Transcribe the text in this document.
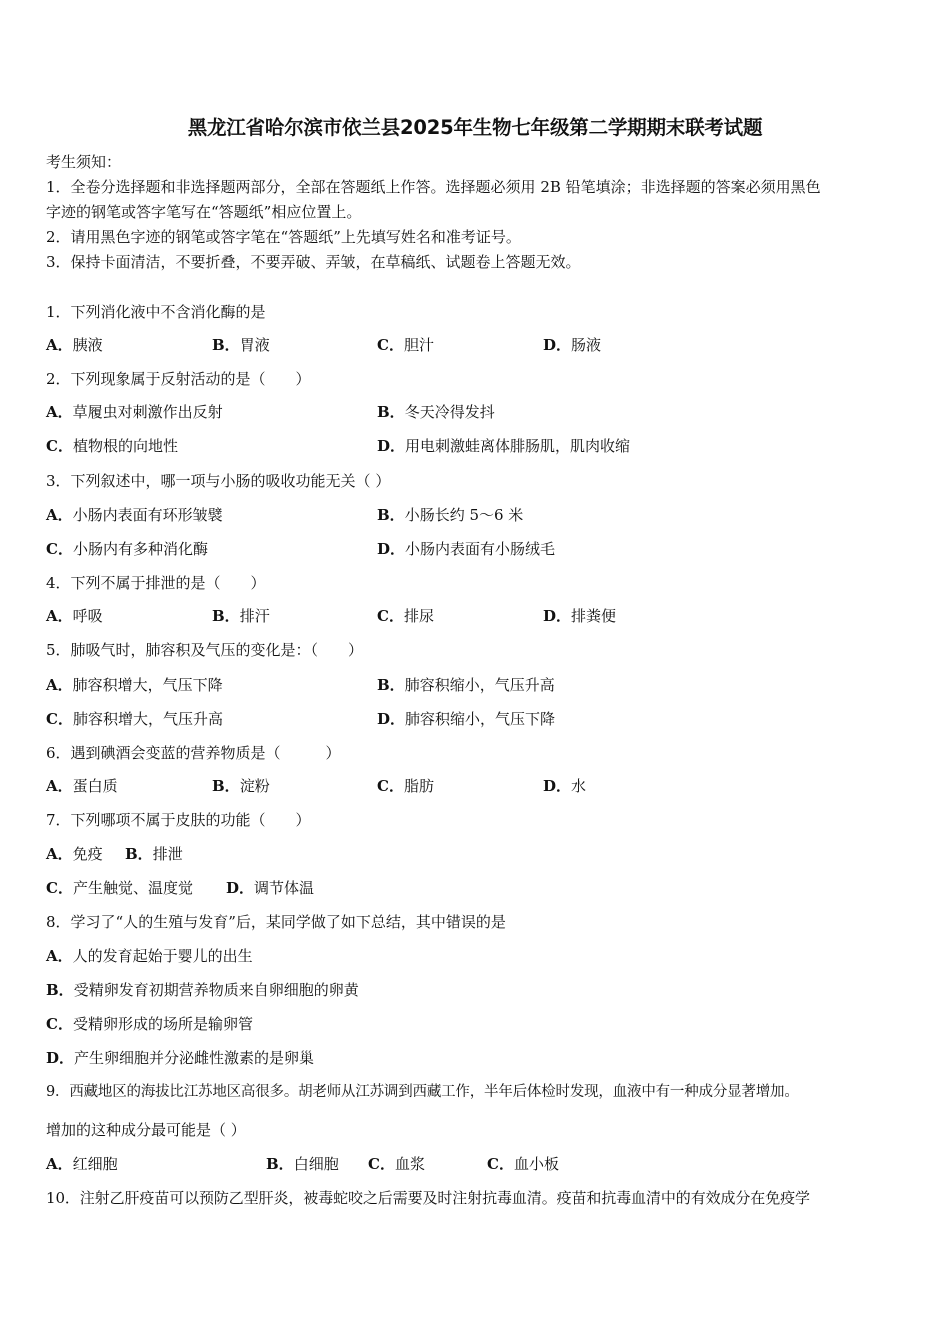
黑龙江省哈尔滨市依兰县2025年生物七年级第二学期期末联考试题
考生须知：
1．全卷分选择题和非选择题两部分，全部在答题纸上作答。选择题必须用 2B 铅笔填涂；非选择题的答案必须用黑色
字迹的钢笔或答字笔写在“答题纸”相应位置上。
2．请用黑色字迹的钢笔或答字笔在“答题纸”上先填写姓名和准考证号。
3．保持卡面清洁，不要折叠，不要弄破、弄皱，在草稿纸、试题卷上答题无效。
1．下列消化液中不含消化酶的是
A．胰液	B．胃液	C．胆汁	D．肠液
2．下列现象属于反射活动的是（　　）
A．草履虫对刺激作出反射	B．冬天冷得发抖
C．植物根的向地性	D．用电刺激蛙离体腓肠肌，肌肉收缩
3．下列叙述中，哪一项与小肠的吸收功能无关（ ）
A．小肠内表面有环形皱襞	B．小肠长约 5～6 米
C．小肠内有多种消化酶	D．小肠内表面有小肠绒毛
4．下列不属于排泄的是（　　）
A．呼吸	B．排汗	C．排尿	D．排粪便
5．肺吸气时，肺容积及气压的变化是：（　　）
A．肺容积增大，气压下降	B．肺容积缩小，气压升高
C．肺容积增大，气压升高	D．肺容积缩小，气压下降
6．遇到碘酒会变蓝的营养物质是（　　　）
A．蛋白质	B．淀粉	C．脂肪	D．水
7．下列哪项不属于皮肤的功能（　　）
A．免疫 B．排泄
C．产生触觉、温度觉 D．调节体温
8．学习了“人的生殖与发育”后，某同学做了如下总结，其中错误的是
A．人的发育起始于婴儿的出生
B．受精卵发育初期营养物质来自卵细胞的卵黄
C．受精卵形成的场所是输卵管
D．产生卵细胞并分泌雌性激素的是卵巢
9．西藏地区的海拔比江苏地区高很多。胡老师从江苏调到西藏工作，半年后体检时发现，血液中有一种成分显著增加。
增加的这种成分最可能是（ ）
A．红细胞	B．白细胞 C．血浆	C．血小板
10．注射乙肝疫苗可以预防乙型肝炎，被毒蛇咬之后需要及时注射抗毒血清。疫苗和抗毒血清中的有效成分在免疫学
